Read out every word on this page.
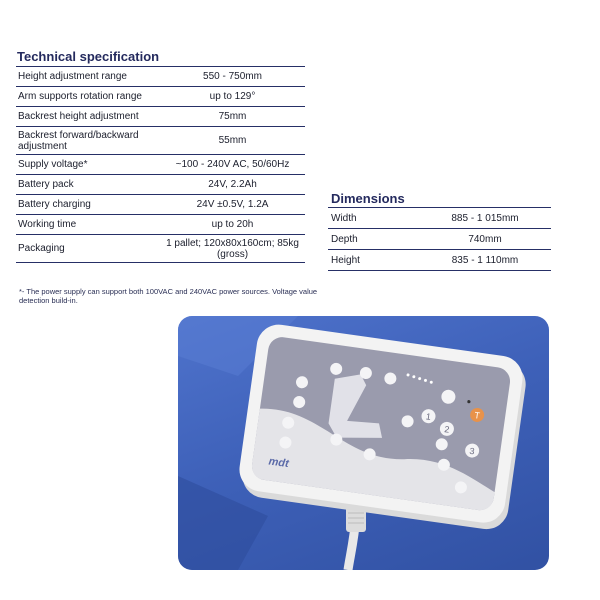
Technical specification
Height adjustment range	550 - 750mm
Arm supports rotation range	up to 129°
Backrest height adjustment	75mm
Backrest forward/backward adjustment	55mm
Supply voltage*	~100 - 240V AC, 50/60Hz
Battery pack	24V, 2.2Ah
Battery charging	24V ±0.5V, 1.2A
Working time	up to 20h
Packaging	1 pallet; 120x80x160cm; 85kg (gross)
*- The power supply can support both 100VAC and 240VAC power sources. Voltage value detection build-in.
Dimensions
Width	885 - 1 015mm
Depth	740mm
Height	835 - 1 110mm
1
2
3
T
mdt
